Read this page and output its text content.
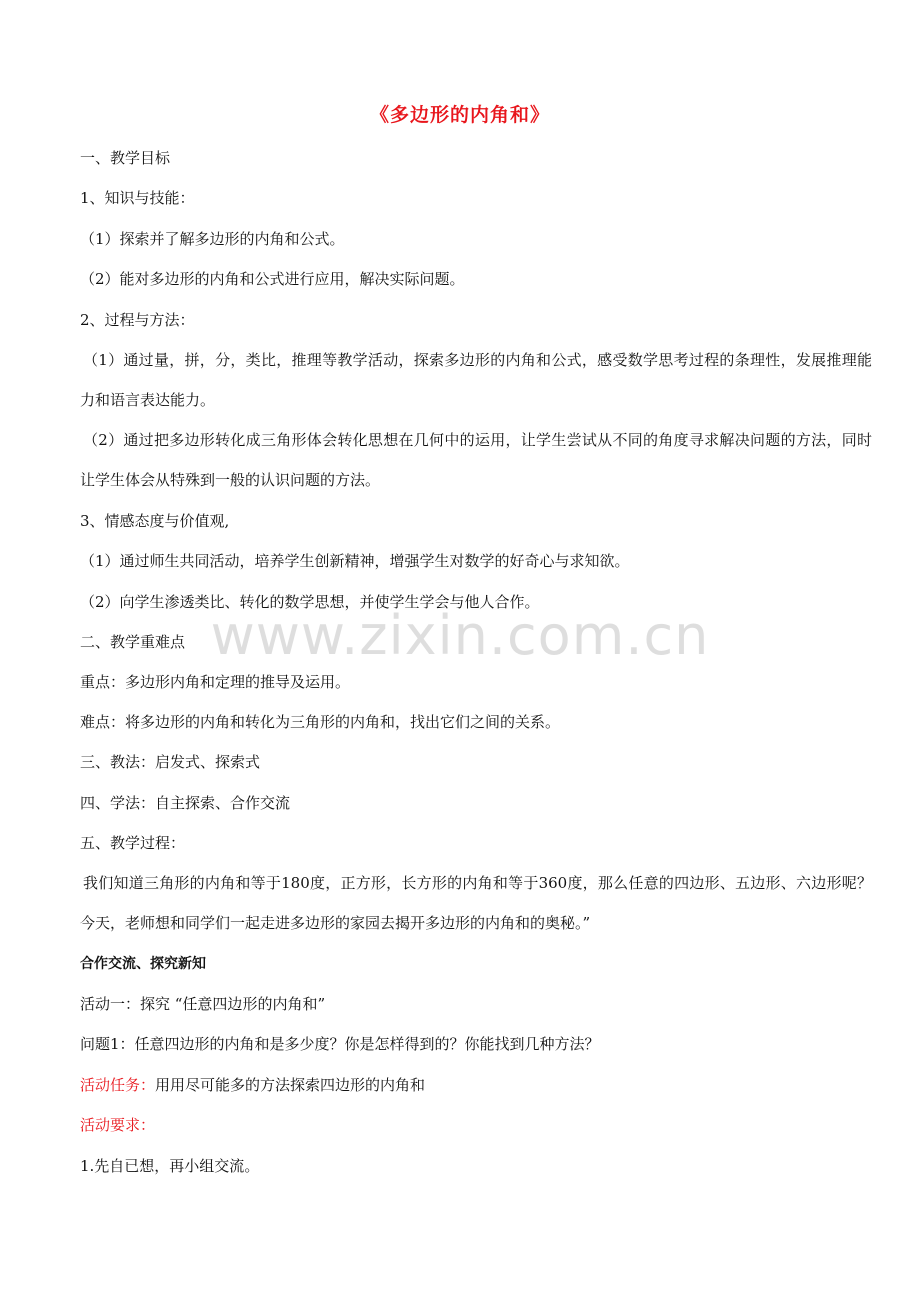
《多边形的内角和》
一、教学目标
1、知识与技能：
（1）探索并了解多边形的内角和公式。
（2）能对多边形的内角和公式进行应用，解决实际问题。
2、过程与方法：
（1）通过量，拼，分，类比，推理等教学活动，探索多边形的内角和公式，感受数学思考过程的条理性，发展推理能力和语言表达能力。
（2）通过把多边形转化成三角形体会转化思想在几何中的运用，让学生尝试从不同的角度寻求解决问题的方法，同时让学生体会从特殊到一般的认识问题的方法。
3、情感态度与价值观,
（1）通过师生共同活动，培养学生创新精神，增强学生对数学的好奇心与求知欲。
（2）向学生渗透类比、转化的数学思想，并使学生学会与他人合作。
二、教学重难点
重点：多边形内角和定理的推导及运用。
难点：将多边形的内角和转化为三角形的内角和，找出它们之间的关系。
三、教法：启发式、探索式
四、学法：自主探索、合作交流
五、教学过程：
我们知道三角形的内角和等于180度，正方形，长方形的内角和等于360度，那么任意的四边形、五边形、六边形呢？今天，老师想和同学们一起走进多边形的家园去揭开多边形的内角和的奥秘。”
合作交流、探究新知
活动一：探究 “任意四边形的内角和”
问题1：任意四边形的内角和是多少度？你是怎样得到的？你能找到几种方法？
活动任务：用用尽可能多的方法探索四边形的内角和
活动要求：
1.先自已想，再小组交流。
www.zixin.com.cn
